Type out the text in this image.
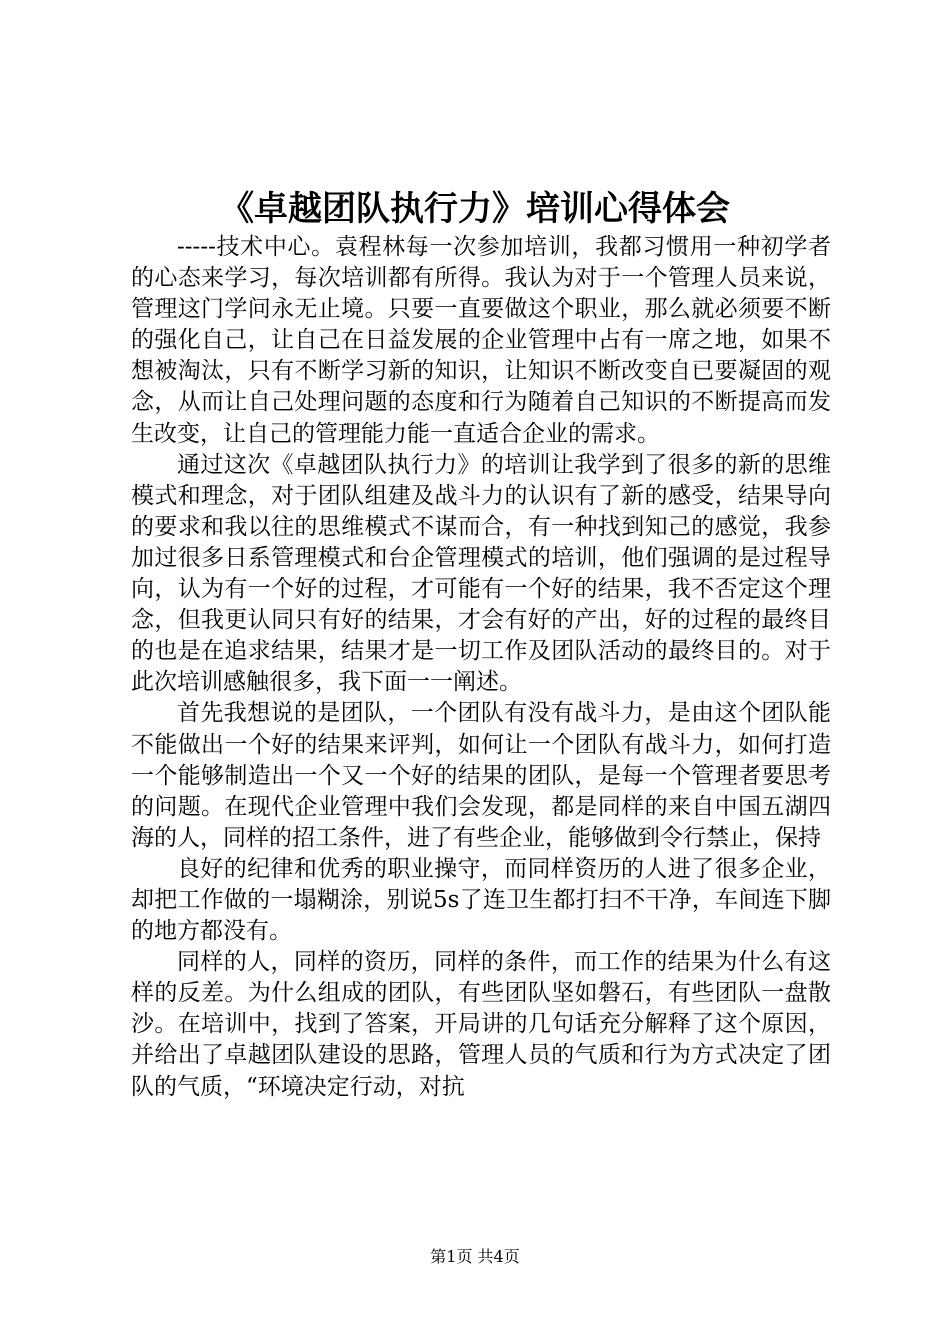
《卓越团队执行力》培训心得体会

-----技术中心。袁程林每一次参加培训，我都习惯用一种初学者的心态来学习，每次培训都有所得。我认为对于一个管理人员来说，管理这门学问永无止境。只要一直要做这个职业，那么就必须要不断的强化自己，让自己在日益发展的企业管理中占有一席之地，如果不想被淘汰，只有不断学习新的知识，让知识不断改变自已要凝固的观念，从而让自己处理问题的态度和行为随着自己知识的不断提高而发生改变，让自己的管理能力能一直适合企业的需求。

通过这次《卓越团队执行力》的培训让我学到了很多的新的思维模式和理念，对于团队组建及战斗力的认识有了新的感受，结果导向的要求和我以往的思维模式不谋而合，有一种找到知己的感觉，我参加过很多日系管理模式和台企管理模式的培训，他们强调的是过程导向，认为有一个好的过程，才可能有一个好的结果，我不否定这个理念，但我更认同只有好的结果，才会有好的产出，好的过程的最终目的也是在追求结果，结果才是一切工作及团队活动的最终目的。对于此次培训感触很多，我下面一一阐述。

首先我想说的是团队，一个团队有没有战斗力，是由这个团队能不能做出一个好的结果来评判，如何让一个团队有战斗力，如何打造一个能够制造出一个又一个好的结果的团队，是每一个管理者要思考的问题。在现代企业管理中我们会发现，都是同样的来自中国五湖四海的人，同样的招工条件，进了有些企业，能够做到令行禁止，保持

良好的纪律和优秀的职业操守，而同样资历的人进了很多企业，却把工作做的一塌糊涂，别说5s了连卫生都打扫不干净，车间连下脚的地方都没有。

同样的人，同样的资历，同样的条件，而工作的结果为什么有这样的反差。为什么组成的团队，有些团队坚如磐石，有些团队一盘散沙。在培训中，找到了答案，开局讲的几句话充分解释了这个原因，并给出了卓越团队建设的思路，管理人员的气质和行为方式决定了团队的气质，“环境决定行动，对抗

第1页 共4页
